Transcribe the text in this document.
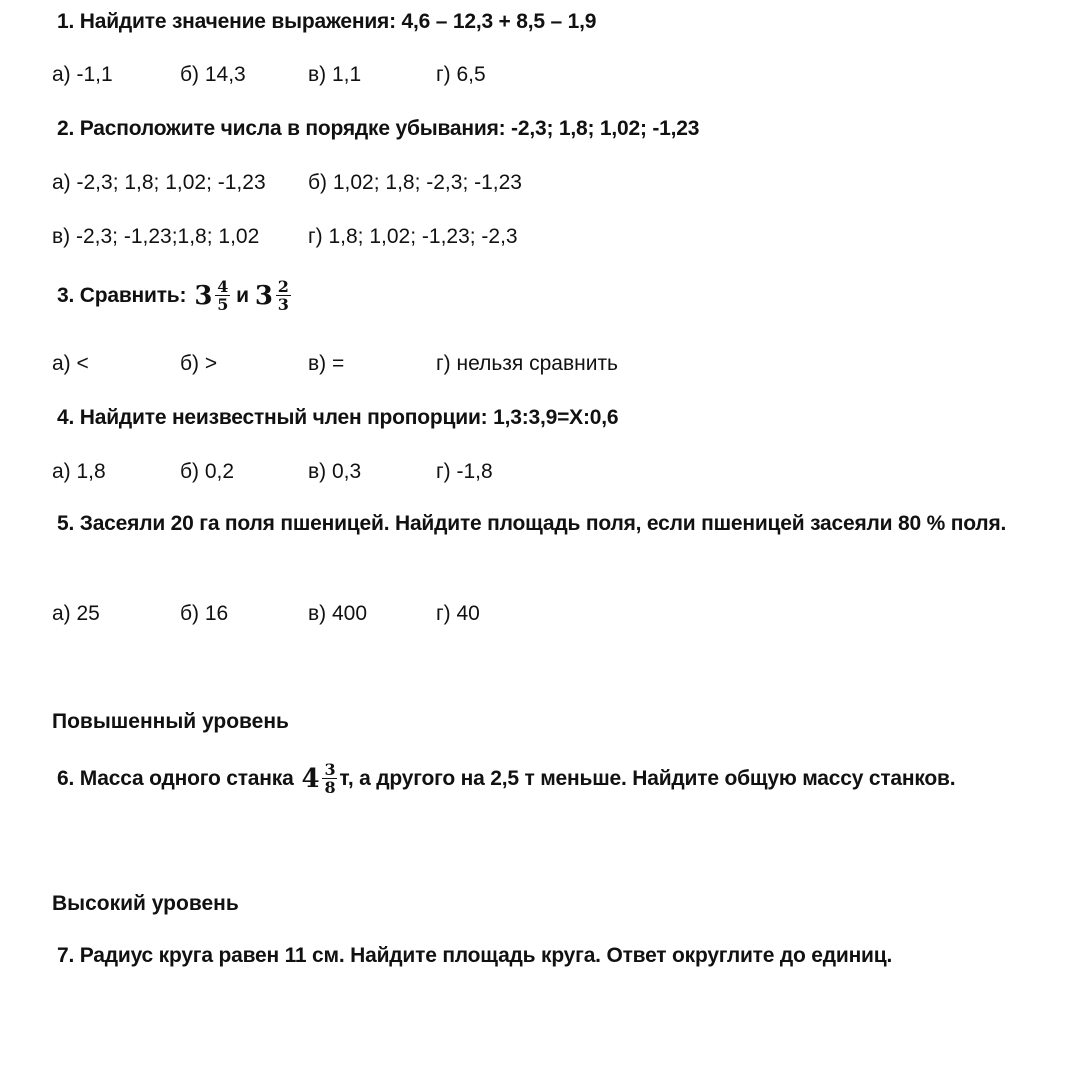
1. Найдите значение выражения: 4,6 – 12,3 + 8,5 – 1,9
а) -1,1	б) 14,3	в) 1,1	г) 6,5
2. Расположите числа в порядке убывания: -2,3; 1,8; 1,02; -1,23
а) -2,3; 1,8; 1,02; -1,23 б) 1,02; 1,8; -2,3; -1,23
в) -2,3; -1,23;1,8; 1,02 г) 1,8; 1,02; -1,23; -2,3
3. Сравнить: $3 \frac{4}{5}$ и $3 \frac{2}{3}$
а) <	б) >	в) =	г) нельзя сравнить
4. Найдите неизвестный член пропорции: 1,3:3,9=X:0,6
а) 1,8	б) 0,2	в) 0,3	г) -1,8
5. Засеяли 20 га поля пшеницей. Найдите площадь поля, если пшеницей засеяли 80 % поля.
а) 25	б) 16	в) 400	г) 40
Повышенный уровень
6. Масса одного станка $4 \frac{3}{8} т$, а другого на 2,5 т меньше. Найдите общую массу станков.
Высокий уровень
7. Радиус круга равен 11 см. Найдите площадь круга. Ответ округлите до единиц.
